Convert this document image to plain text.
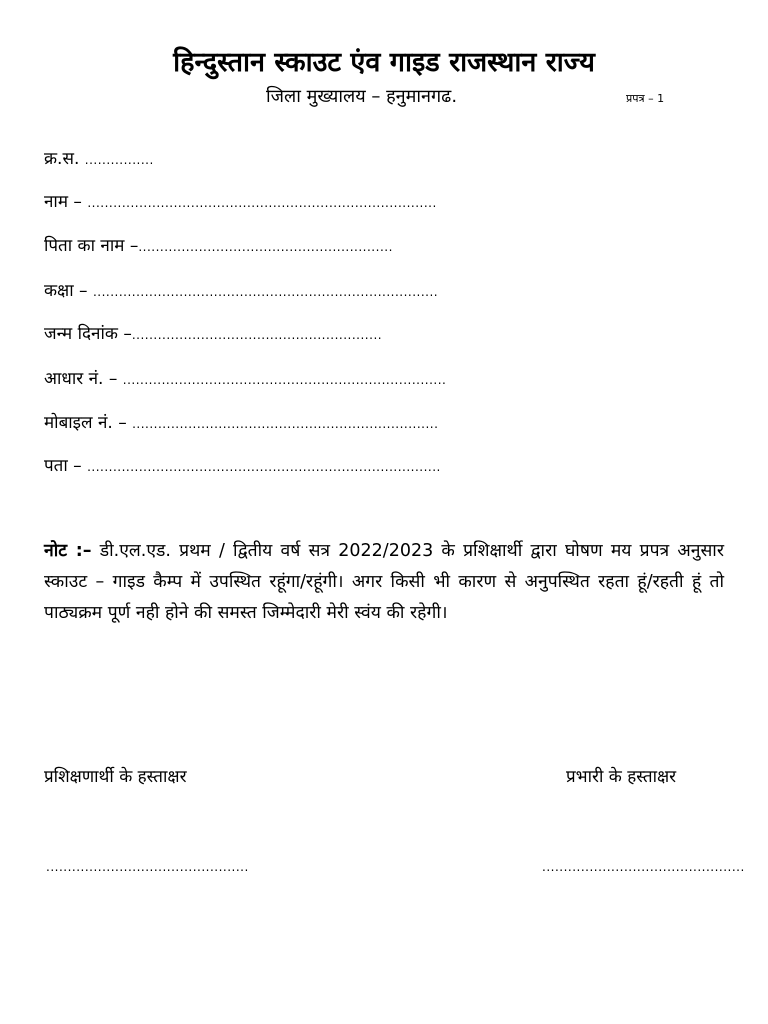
हिन्दुस्तान स्काउट एंव गाइड राजस्थान राज्य
जिला मुख्यालय – हनुमानगढ.	प्रपत्र – 1
क्र.स. ................
नाम – .................................................................................
पिता का नाम –...........................................................
कक्षा – ................................................................................
जन्म दिनांक –..........................................................
आधार नं. – ...........................................................................
मोबाइल नं. – .......................................................................
पता – ..................................................................................
नोट :– डी.एल.एड. प्रथम / द्वितीय वर्ष सत्र 2022/2023 के प्रशिक्षार्थी द्वारा घोषण मय प्रपत्र अनुसार स्काउट – गाइड कैम्प में उपस्थित रहूंगा/रहूंगी। अगर किसी भी कारण से अनुपस्थित रहता हूं/रहती हूं तो पाठ्यक्रम पूर्ण नही होने की समस्त जिम्मेदारी मेरी स्वंय की रहेगी।
प्रशिक्षणार्थी के हस्ताक्षर	प्रभारी के हस्ताक्षर
...............................................	...............................................
